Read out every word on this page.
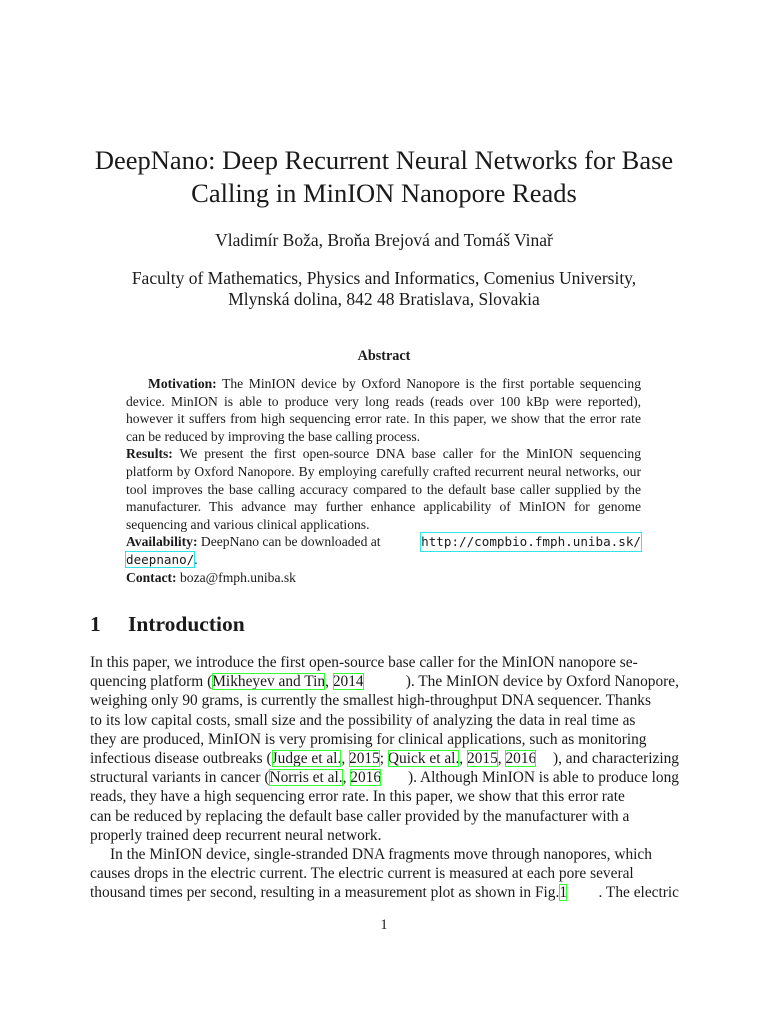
DeepNano: Deep Recurrent Neural Networks for Base
Calling in MinION Nanopore Reads
Vladimír Boža, Broňa Brejová and Tomáš Vinař
Faculty of Mathematics, Physics and Informatics, Comenius University,
Mlynská dolina, 842 48 Bratislava, Slovakia
Abstract

Motivation: The MinION device by Oxford Nanopore is the first portable sequencing device. MinION is able to produce very long reads (reads over 100 kBp were reported), however it suffers from high sequencing error rate. In this paper, we show that the error rate can be reduced by improving the base calling process.

Results: We present the first open-source DNA base caller for the MinION sequencing platform by Oxford Nanopore. By employing carefully crafted recurrent neural networks, our tool improves the base calling accuracy compared to the default base caller supplied by the manufacturer. This advance may further enhance applicability of MinION for genome sequencing and various clinical applications.

Availability: DeepNano can be downloaded at	http://compbio.fmph.uniba.sk/
deepnano/.

Contact: boza@fmph.uniba.sk

1 Introduction
In this paper, we introduce the first open-source base caller for the MinION nanopore se-
quencing platform (Mikheyev and Tin, 2014	). The MinION device by Oxford Nanopore,
weighing only 90 grams, is currently the smallest high-throughput DNA sequencer. Thanks
to its low capital costs, small size and the possibility of analyzing the data in real time as
they are produced, MinION is very promising for clinical applications, such as monitoring
infectious disease outbreaks (Judge et al., 2015; Quick et al., 2015, 2016 ), and characterizing
structural variants in cancer (Norris et al., 2016 ). Although MinION is able to produce long
reads, they have a high sequencing error rate. In this paper, we show that this error rate
can be reduced by replacing the default base caller provided by the manufacturer with a
properly trained deep recurrent neural network.
In the MinION device, single-stranded DNA fragments move through nanopores, which
causes drops in the electric current. The electric current is measured at each pore several
thousand times per second, resulting in a measurement plot as shown in Fig.1 . The electric
1
